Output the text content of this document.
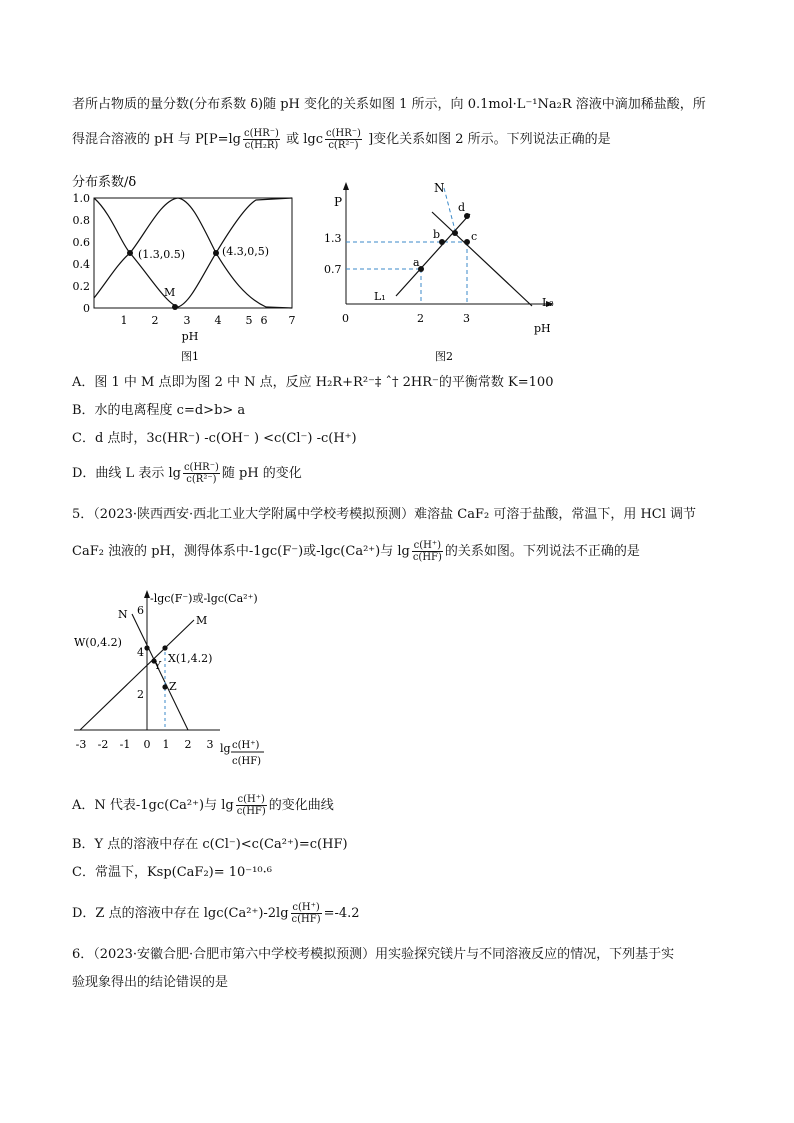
者所占物质的量分数(分布系数 δ)随 pH 变化的关系如图 1 所示，向 0.1mol·L⁻¹Na₂R 溶液中滴加稀盐酸，所
得混合溶液的 pH 与 $P[P=\lg \frac{c(HR^-)}{\text{c(H₂R)}}$ 或 lgc $\frac{c(HR^-)}{\text{c(R²⁻)}}$ ]变化关系如图 2 所示。下列说法正确的是
分布系数/δ
1.0
0.8
0.6
0.4
0.2
0
1 2 3 4 5 6 7
pH
图1
(1.3,0.5)	(4.3,0,5)
M
P
1.3
0.7
0	2	3
pH
N
a
b	c
d
L₁	L₂
图2
A．图 1 中 M 点即为图 2 中 N 点，反应 H₂R+R²⁻‡ ˆ† 2HR⁻的平衡常数 K=100
B．水的电离程度 c=d>b> a
C．d 点时，3c(HR⁻) -c(OH⁻ ) <c(Cl⁻) -c(H⁺)
D．曲线 L 表示 $\lg \frac{c(HR^-)}{\text{c(R²⁻)}}$ 随 pH 的变化
5．（2023·陕西西安·西北工业大学附属中学校考模拟预测）难溶盐 CaF₂ 可溶于盐酸，常温下，用 HCl 调节
CaF₂ 浊液的 pH，测得体系中-1gc(F⁻)或-lgc(Ca²⁺)与 $\lg \frac{c(H^+)}{c(HF)}$ 的关系如图。下列说法不正确的是
-lgc(F⁻)或-lgc(Ca²⁺)
6
4
2
-3 -2 -1 0 1 2 3 lg c(H⁺)
c(HF)
N	M
W(0,4.2)
X(1,4.2)
Y
Z
A．N 代表-1gc(Ca²⁺)与 $\lg \frac{c(H^+)}{c(HF)}$ 的变化曲线
B．Y 点的溶液中存在 c(Cl⁻)<c(Ca²⁺)=c(HF)
C．常温下，Ksp(CaF₂)= 10⁻¹⁰·⁶
D．Z 点的溶液中存在 $\lg c(Ca^{2+})-2\lg \frac{c(H^+)}{c(HF)} =-4.2$
6．（2023·安徽合肥·合肥市第六中学校考模拟预测）用实验探究镁片与不同溶液反应的情况，下列基于实
验现象得出的结论错误的是
